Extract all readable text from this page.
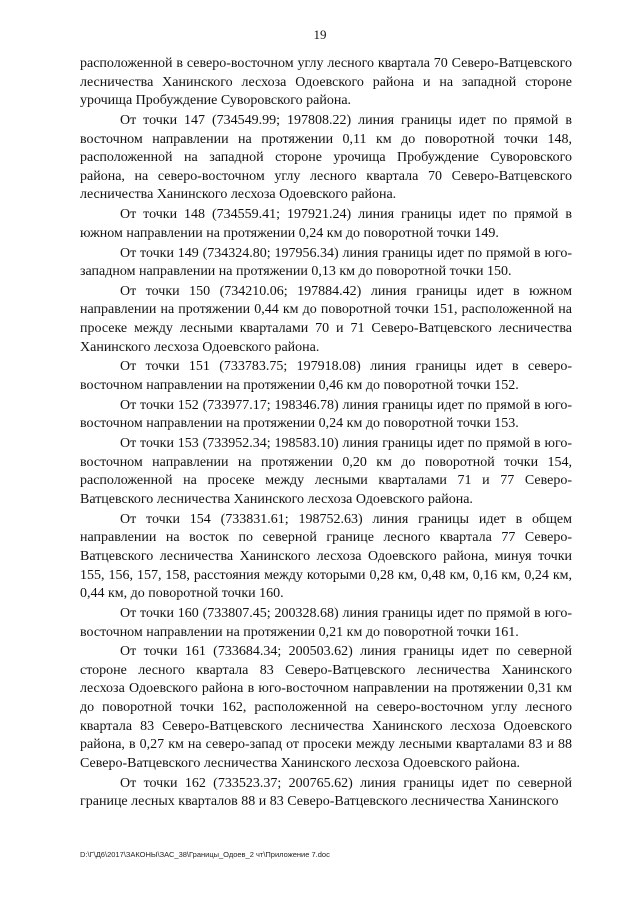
19

расположенной в северо-восточном углу лесного квартала 70 Северо-Ватцевского лесничества Ханинского лесхоза Одоевского района и на западной стороне урочища Пробуждение Суворовского района.

От точки 147 (734549.99; 197808.22) линия границы идет по прямой в восточном направлении на протяжении 0,11 км до поворотной точки 148, расположенной на западной стороне урочища Пробуждение Суворовского района, на северо-восточном углу лесного квартала 70 Северо-Ватцевского лесничества Ханинского лесхоза Одоевского района.

От точки 148 (734559.41; 197921.24) линия границы идет по прямой в южном направлении на протяжении 0,24 км до поворотной точки 149.

От точки 149 (734324.80; 197956.34) линия границы идет по прямой в юго-западном направлении на протяжении 0,13 км до поворотной точки 150.

От точки 150 (734210.06; 197884.42) линия границы идет в южном направлении на протяжении 0,44 км до поворотной точки 151, расположенной на просеке между лесными кварталами 70 и 71 Северо-Ватцевского лесничества Ханинского лесхоза Одоевского района.

От точки 151 (733783.75; 197918.08) линия границы идет в северо-восточном направлении на протяжении 0,46 км до поворотной точки 152.

От точки 152 (733977.17; 198346.78) линия границы идет по прямой в юго-восточном направлении на протяжении 0,24 км до поворотной точки 153.

От точки 153 (733952.34; 198583.10) линия границы идет по прямой в юго-восточном направлении на протяжении 0,20 км до поворотной точки 154, расположенной на просеке между лесными кварталами 71 и 77 Северо-Ватцевского лесничества Ханинского лесхоза Одоевского района.

От точки 154 (733831.61; 198752.63) линия границы идет в общем направлении на восток по северной границе лесного квартала 77 Северо-Ватцевского лесничества Ханинского лесхоза Одоевского района, минуя точки 155, 156, 157, 158, расстояния между которыми 0,28 км, 0,48 км, 0,16 км, 0,24 км, 0,44 км, до поворотной точки 160.

От точки 160 (733807.45; 200328.68) линия границы идет по прямой в юго-восточном направлении на протяжении 0,21 км до поворотной точки 161.

От точки 161 (733684.34; 200503.62) линия границы идет по северной стороне лесного квартала 83 Северо-Ватцевского лесничества Ханинского лесхоза Одоевского района в юго-восточном направлении на протяжении 0,31 км до поворотной точки 162, расположенной на северо-восточном углу лесного квартала 83 Северо-Ватцевского лесничества Ханинского лесхоза Одоевского района, в 0,27 км на северо-запад от просеки между лесными кварталами 83 и 88 Северо-Ватцевского лесничества Ханинского лесхоза Одоевского района.

От точки 162 (733523.37; 200765.62) линия границы идет по северной границе лесных кварталов 88 и 83 Северо-Ватцевского лесничества Ханинского

D:\Г\Д6\2017\ЗАКОНЫ\ЗАС_38\Границы_Одоев_2 чт\Приложение 7.doc
